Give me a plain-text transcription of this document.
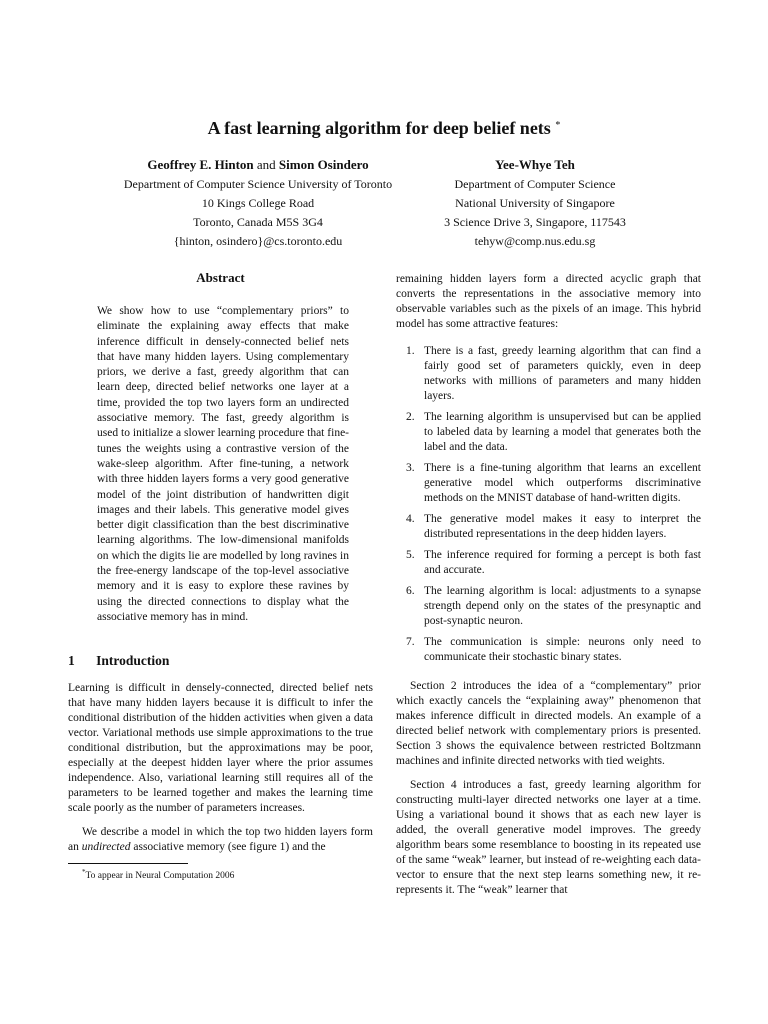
A fast learning algorithm for deep belief nets *
Geoffrey E. Hinton and Simon Osindero
Department of Computer Science University of Toronto
10 Kings College Road
Toronto, Canada M5S 3G4
{hinton, osindero}@cs.toronto.edu
Yee-Whye Teh
Department of Computer Science
National University of Singapore
3 Science Drive 3, Singapore, 117543
tehyw@comp.nus.edu.sg
Abstract

We show how to use “complementary priors” to eliminate the explaining away effects that make inference difficult in densely-connected belief nets that have many hidden layers. Using complementary priors, we derive a fast, greedy algorithm that can learn deep, directed belief networks one layer at a time, provided the top two layers form an undirected associative memory. The fast, greedy algorithm is used to initialize a slower learning procedure that fine-tunes the weights using a contrastive version of the wake-sleep algorithm. After fine-tuning, a network with three hidden layers forms a very good generative model of the joint distribution of handwritten digit images and their labels. This generative model gives better digit classification than the best discriminative learning algorithms. The low-dimensional manifolds on which the digits lie are modelled by long ravines in the free-energy landscape of the top-level associative memory and it is easy to explore these ravines by using the directed connections to display what the associative memory has in mind.

1 Introduction

Learning is difficult in densely-connected, directed belief nets that have many hidden layers because it is difficult to infer the conditional distribution of the hidden activities when given a data vector. Variational methods use simple approximations to the true conditional distribution, but the approximations may be poor, especially at the deepest hidden layer where the prior assumes independence. Also, variational learning still requires all of the parameters to be learned together and makes the learning time scale poorly as the number of parameters increases.

We describe a model in which the top two hidden layers form an undirected associative memory (see figure 1) and the

*To appear in Neural Computation 2006

remaining hidden layers form a directed acyclic graph that converts the representations in the associative memory into observable variables such as the pixels of an image. This hybrid model has some attractive features:

1. There is a fast, greedy learning algorithm that can find a fairly good set of parameters quickly, even in deep networks with millions of parameters and many hidden layers.
2. The learning algorithm is unsupervised but can be applied to labeled data by learning a model that generates both the label and the data.
3. There is a fine-tuning algorithm that learns an excellent generative model which outperforms discriminative methods on the MNIST database of hand-written digits.
4. The generative model makes it easy to interpret the distributed representations in the deep hidden layers.
5. The inference required for forming a percept is both fast and accurate.
6. The learning algorithm is local: adjustments to a synapse strength depend only on the states of the presynaptic and post-synaptic neuron.
7. The communication is simple: neurons only need to communicate their stochastic binary states.

Section 2 introduces the idea of a “complementary” prior which exactly cancels the “explaining away” phenomenon that makes inference difficult in directed models. An example of a directed belief network with complementary priors is presented. Section 3 shows the equivalence between restricted Boltzmann machines and infinite directed networks with tied weights.

Section 4 introduces a fast, greedy learning algorithm for constructing multi-layer directed networks one layer at a time. Using a variational bound it shows that as each new layer is added, the overall generative model improves. The greedy algorithm bears some resemblance to boosting in its repeated use of the same “weak” learner, but instead of re-weighting each data-vector to ensure that the next step learns something new, it re-represents it. The “weak” learner that
